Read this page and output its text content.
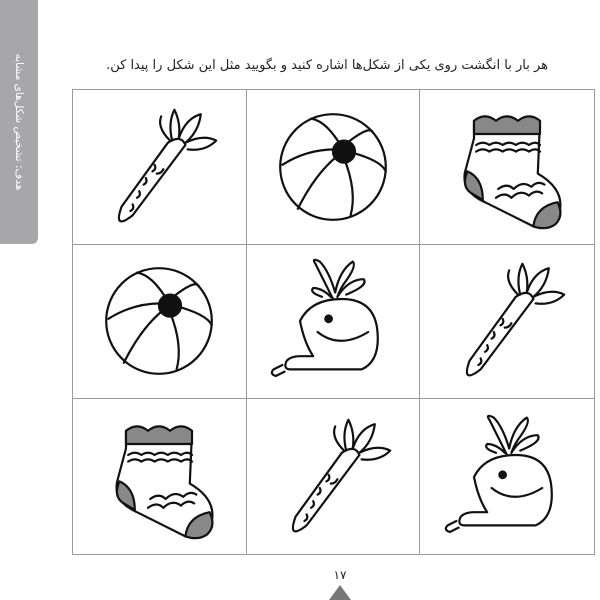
هدف: تشخیص شکل‌های مشابه	هر بار با انگشت روی یکی از شکل‌ها اشاره کنید و بگویید مثل این شکل را پیدا کن.
۱۷
